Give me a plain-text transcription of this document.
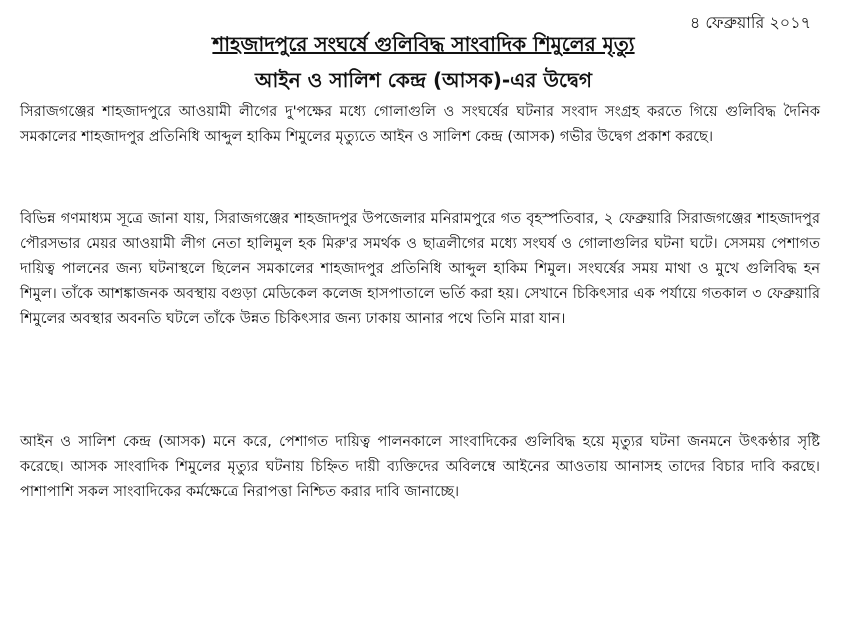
৪ ফেব্রুয়ারি ২০১৭
শাহজাদপুরে সংঘর্ষে গুলিবিদ্ধ সাংবাদিক শিমুলের মৃত্যু
আইন ও সালিশ কেন্দ্র (আসক)-এর উদ্বেগ

সিরাজগঞ্জের শাহজাদপুরে আওয়ামী লীগের দু'পক্ষের মধ্যে গোলাগুলি ও সংঘর্ষের ঘটনার সংবাদ সংগ্রহ করতে গিয়ে গুলিবিদ্ধ দৈনিক সমকালের শাহজাদপুর প্রতিনিধি আব্দুল হাকিম শিমুলের মৃত্যুতে আইন ও সালিশ কেন্দ্র (আসক) গভীর উদ্বেগ প্রকাশ করছে।

বিভিন্ন গণমাধ্যম সূত্রে জানা যায়, সিরাজগঞ্জের শাহজাদপুর উপজেলার মনিরামপুরে গত বৃহস্পতিবার, ২ ফেব্রুয়ারি সিরাজগঞ্জের শাহজাদপুর পৌরসভার মেয়র আওয়ামী লীগ নেতা হালিমুল হক মিরু'র সমর্থক ও ছাত্রলীগের মধ্যে সংঘর্ষ ও গোলাগুলির ঘটনা ঘটে। সেসময় পেশাগত দায়িত্ব পালনের জন্য ঘটনাস্থলে ছিলেন সমকালের শাহজাদপুর প্রতিনিধি আব্দুল হাকিম শিমুল। সংঘর্ষের সময় মাথা ও মুখে গুলিবিদ্ধ হন শিমুল। তাঁকে আশঙ্কাজনক অবস্থায় বগুড়া মেডিকেল কলেজ হাসপাতালে ভর্তি করা হয়। সেখানে চিকিৎসার এক পর্যায়ে গতকাল ৩ ফেব্রুয়ারি শিমুলের অবস্থার অবনতি ঘটলে তাঁকে উন্নত চিকিৎসার জন্য ঢাকায় আনার পথে তিনি মারা যান।

আইন ও সালিশ কেন্দ্র (আসক) মনে করে, পেশাগত দায়িত্ব পালনকালে সাংবাদিকের গুলিবিদ্ধ হয়ে মৃত্যুর ঘটনা জনমনে উৎকণ্ঠার সৃষ্টি করেছে। আসক সাংবাদিক শিমুলের মৃত্যুর ঘটনায় চিহ্নিত দায়ী ব্যক্তিদের অবিলম্বে আইনের আওতায় আনাসহ তাদের বিচার দাবি করছে। পাশাপাশি সকল সাংবাদিকের কর্মক্ষেত্রে নিরাপত্তা নিশ্চিত করার দাবি জানাচ্ছে।
